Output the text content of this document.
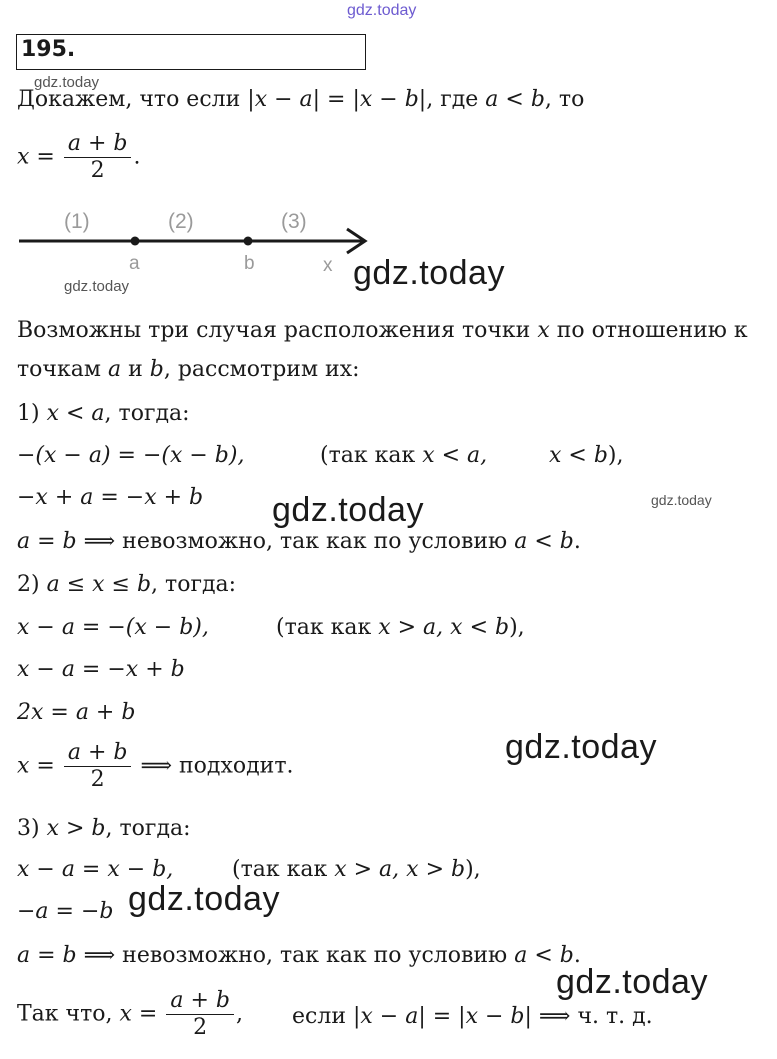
gdz.today
gdz.today
gdz.today
gdz.today
gdz.today
gdz.today
gdz.today
gdz.today
gdz.today
195.
Докажем, что если |x − a| = |x − b|, где a < b, то
$x = \frac{a + b}{2}$ .
(1)	(2)	(3)
a	b	x
Возможны три случая расположения точки x по отношению к
точкам a и b, рассмотрим их:
1) x < a, тогда:
−(x − a) = −(x − b),	(так как x < a,	x < b),
−x + a = −x + b
a = b ⟹ невозможно, так как по условию a < b.
2) a ≤ x ≤ b, тогда:
x − a = −(x − b),	(так как x > a, x < b),
x − a = −x + b
2x = a + b
$x = \frac{a + b}{2}$ ⟹ подходит.
3) x > b, тогда:
x − a = x − b,	(так как x > a, x > b),
−a = −b
a = b ⟹ невозможно, так как по условию a < b.
Так что, $x = \frac{a + b}{2}$ , если |x − a| = |x − b| ⟹ ч. т. д.
